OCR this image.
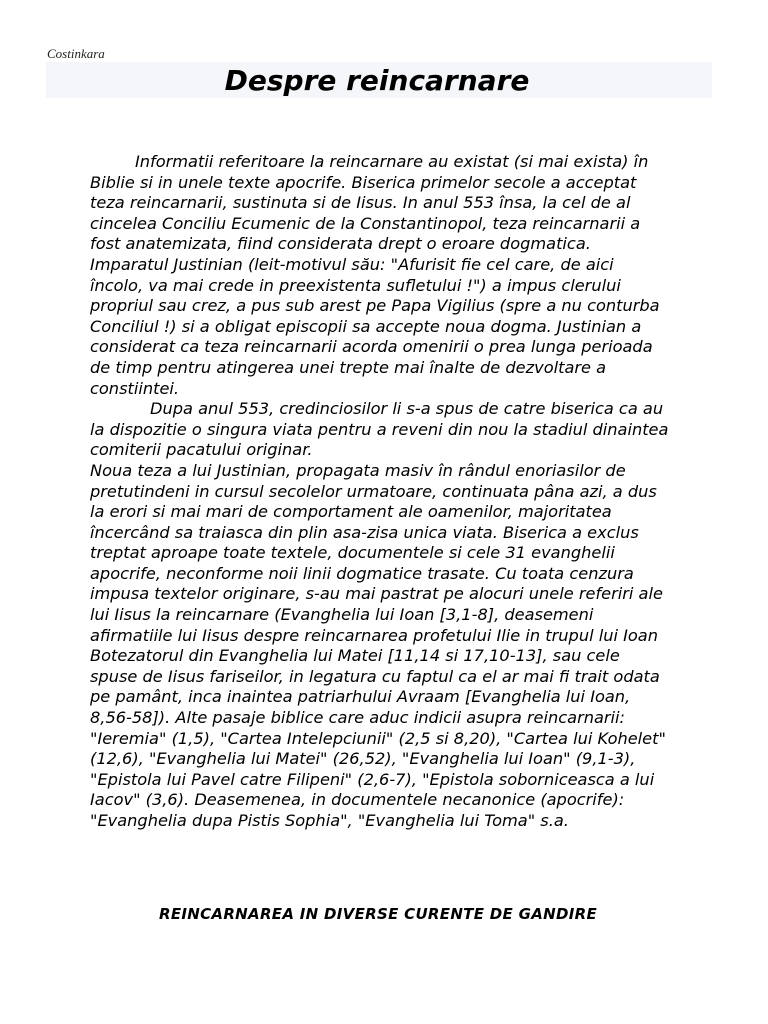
Costinkara
Despre reincarnare

Informatii referitoare la reincarnare au existat (si mai exista) în Biblie si in unele texte apocrife. Biserica primelor secole a acceptat teza reincarnarii, sustinuta si de Iisus. In anul 553 însa, la cel de al cincelea Conciliu Ecumenic de la Constantinopol, teza reincarnarii a fost anatemizata, fiind considerata drept o eroare dogmatica. Imparatul Justinian (leit-motivul său: "Afurisit fie cel care, de aici încolo, va mai crede in preexistenta sufletului !") a impus clerului propriul sau crez, a pus sub arest pe Papa Vigilius (spre a nu conturba Conciliul !) si a obligat episcopii sa accepte noua dogma. Justinian a considerat ca teza reincarnarii acorda omenirii o prea lunga perioada de timp pentru atingerea unei trepte mai înalte de dezvoltare a constiintei.

Dupa anul 553, credinciosilor li s-a spus de catre biserica ca au la dispozitie o singura viata pentru a reveni din nou la stadiul dinaintea comiterii pacatului originar.

Noua teza a lui Justinian, propagata masiv în rândul enoriasilor de pretutindeni in cursul secolelor urmatoare, continuata pâna azi, a dus la erori si mai mari de comportament ale oamenilor, majoritatea încercând sa traiasca din plin asa-zisa unica viata. Biserica a exclus treptat aproape toate textele, documentele si cele 31 evanghelii apocrife, neconforme noii linii dogmatice trasate. Cu toata cenzura impusa textelor originare, s-au mai pastrat pe alocuri unele referiri ale lui Iisus la reincarnare (Evanghelia lui Ioan [3,1-8], deasemeni afirmatiile lui Iisus despre reincarnarea profetului Ilie in trupul lui Ioan Botezatorul din Evanghelia lui Matei [11,14 si 17,10-13], sau cele spuse de Iisus fariseilor, in legatura cu faptul ca el ar mai fi trait odata pe pamânt, inca inaintea patriarhului Avraam [Evanghelia lui Ioan, 8,56-58]). Alte pasaje biblice care aduc indicii asupra reincarnarii: "Ieremia" (1,5), "Cartea Intelepciunii" (2,5 si 8,20), "Cartea lui Kohelet" (12,6), "Evanghelia lui Matei" (26,52), "Evanghelia lui Ioan" (9,1-3), "Epistola lui Pavel catre Filipeni" (2,6-7), "Epistola soborniceasca a lui Iacov" (3,6). Deasemenea, in documentele necanonice (apocrife): "Evanghelia dupa Pistis Sophia", "Evanghelia lui Toma" s.a.

REINCARNAREA IN DIVERSE CURENTE DE GANDIRE
